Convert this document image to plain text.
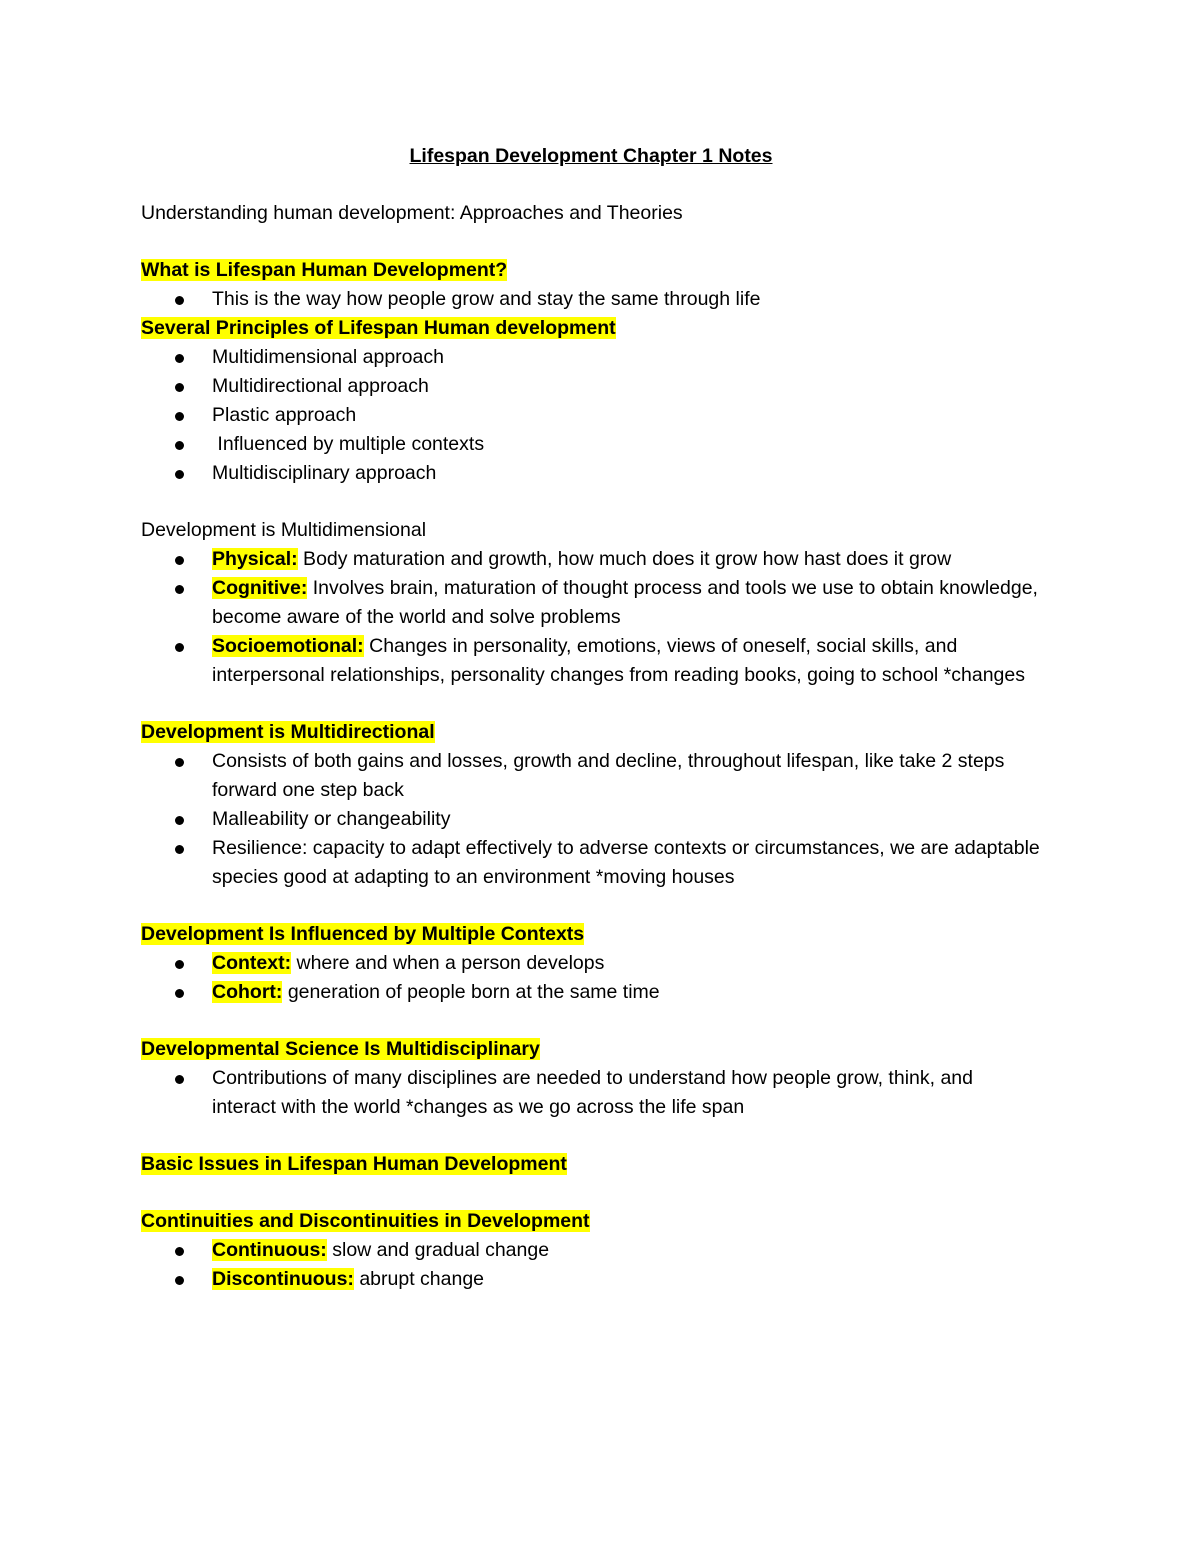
Lifespan Development Chapter 1 Notes
Understanding human development: Approaches and Theories
What is Lifespan Human Development?
This is the way how people grow and stay the same through life
Several Principles of Lifespan Human development
Multidimensional approach
Multidirectional approach
Plastic approach
Influenced by multiple contexts
Multidisciplinary approach
Development is Multidimensional
Physical: Body maturation and growth, how much does it grow how hast does it grow
Cognitive: Involves brain, maturation of thought process and tools we use to obtain knowledge, become aware of the world and solve problems
Socioemotional: Changes in personality, emotions, views of oneself, social skills, and interpersonal relationships, personality changes from reading books, going to school *changes
Development is Multidirectional
Consists of both gains and losses, growth and decline, throughout lifespan, like take 2 steps forward one step back
Malleability or changeability
Resilience: capacity to adapt effectively to adverse contexts or circumstances, we are adaptable species good at adapting to an environment *moving houses
Development Is Influenced by Multiple Contexts
Context: where and when a person develops
Cohort: generation of people born at the same time
Developmental Science Is Multidisciplinary
Contributions of many disciplines are needed to understand how people grow, think, and interact with the world *changes as we go across the life span
Basic Issues in Lifespan Human Development
Continuities and Discontinuities in Development
Continuous: slow and gradual change
Discontinuous: abrupt change
